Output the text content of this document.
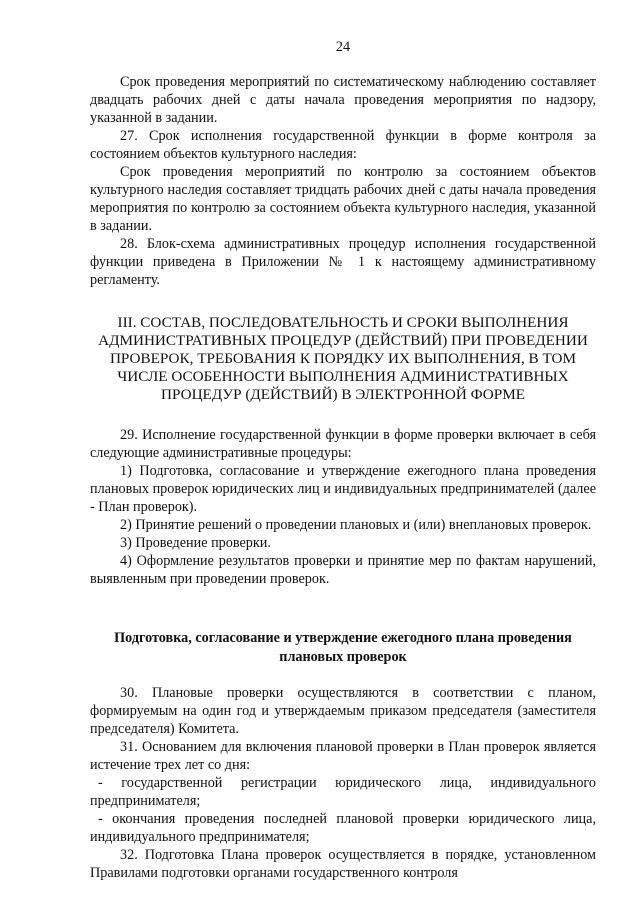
24

Срок проведения мероприятий по систематическому наблюдению составляет двадцать рабочих дней с даты начала проведения мероприятия по надзору, указанной в задании.

27. Срок исполнения государственной функции в форме контроля за состоянием объектов культурного наследия:

Срок проведения мероприятий по контролю за состоянием объектов культурного наследия составляет тридцать рабочих дней с даты начала проведения мероприятия по контролю за состоянием объекта культурного наследия, указанной в задании.

28. Блок-схема административных процедур исполнения государственной функции приведена в Приложении № 1 к настоящему административному регламенту.

III. СОСТАВ, ПОСЛЕДОВАТЕЛЬНОСТЬ И СРОКИ ВЫПОЛНЕНИЯ АДМИНИСТРАТИВНЫХ ПРОЦЕДУР (ДЕЙСТВИЙ) ПРИ ПРОВЕДЕНИИ ПРОВЕРОК, ТРЕБОВАНИЯ К ПОРЯДКУ ИХ ВЫПОЛНЕНИЯ, В ТОМ ЧИСЛЕ ОСОБЕННОСТИ ВЫПОЛНЕНИЯ АДМИНИСТРАТИВНЫХ ПРОЦЕДУР (ДЕЙСТВИЙ) В ЭЛЕКТРОННОЙ ФОРМЕ

29. Исполнение государственной функции в форме проверки включает в себя следующие административные процедуры:

1) Подготовка, согласование и утверждение ежегодного плана проведения плановых проверок юридических лиц и индивидуальных предпринимателей (далее - План проверок).

2) Принятие решений о проведении плановых и (или) внеплановых проверок.

3) Проведение проверки.

4) Оформление результатов проверки и принятие мер по фактам нарушений, выявленным при проведении проверок.

Подготовка, согласование и утверждение ежегодного плана проведения плановых проверок

30. Плановые проверки осуществляются в соответствии с планом, формируемым на один год и утверждаемым приказом председателя (заместителя председателя) Комитета.

31. Основанием для включения плановой проверки в План проверок является истечение трех лет со дня:

- государственной регистрации юридического лица, индивидуального предпринимателя;

- окончания проведения последней плановой проверки юридического лица, индивидуального предпринимателя;

32. Подготовка Плана проверок осуществляется в порядке, установленном Правилами подготовки органами государственного контроля
